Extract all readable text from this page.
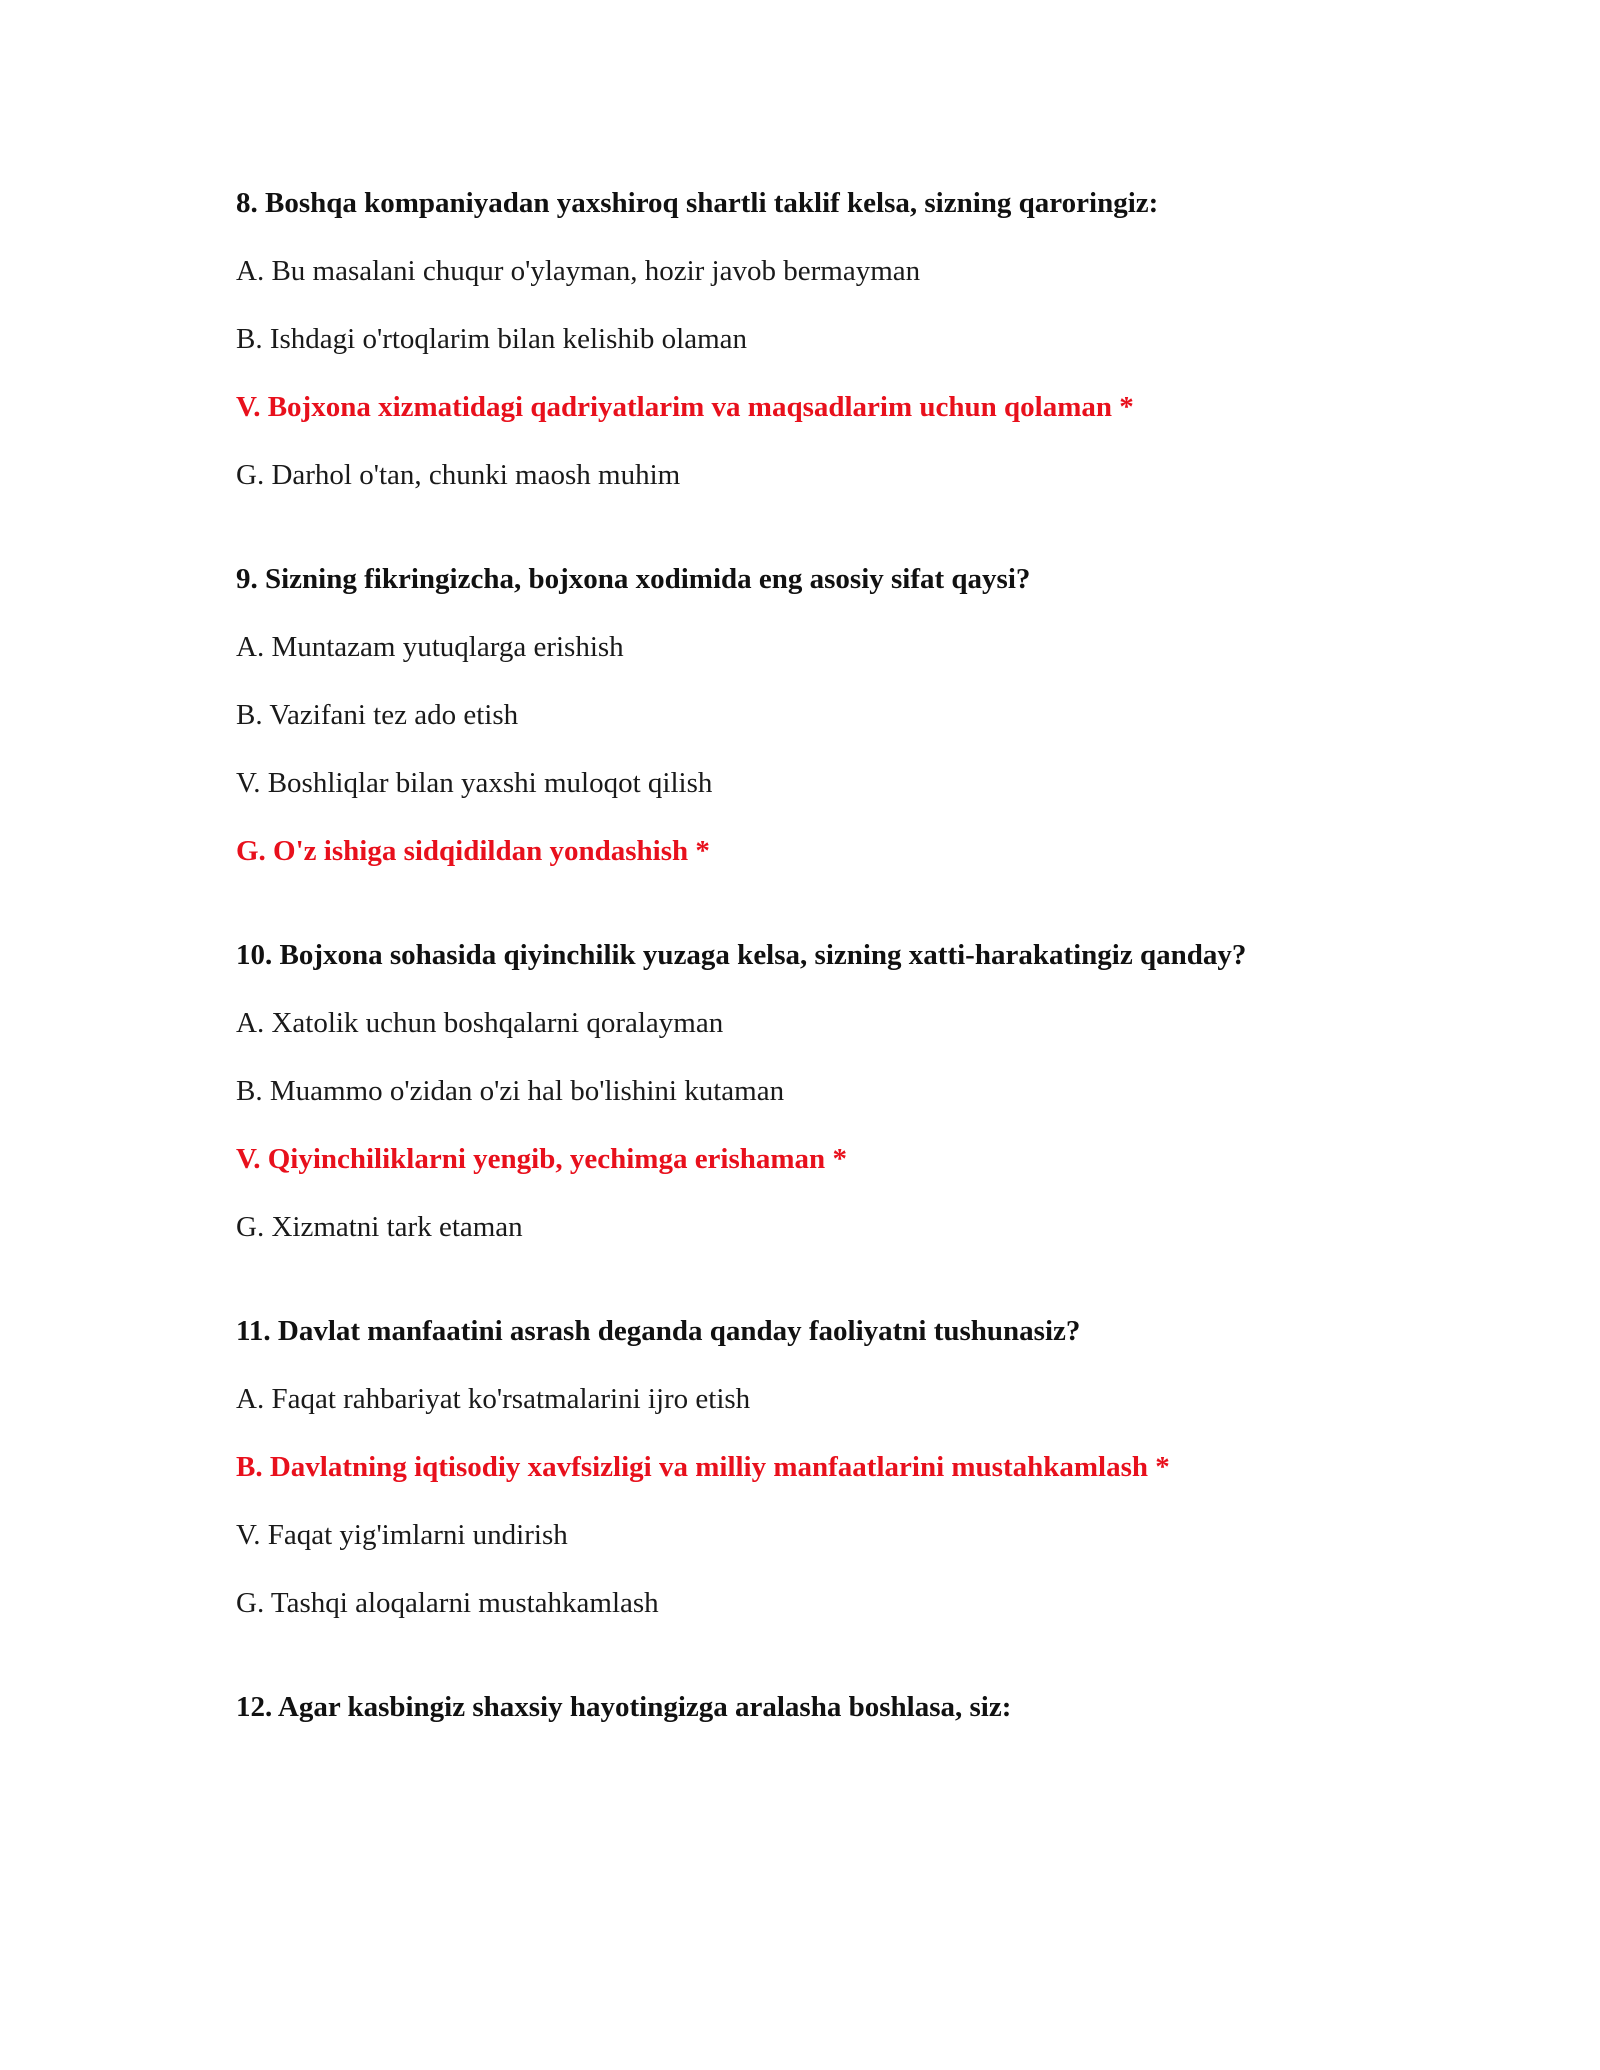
8. Boshqa kompaniyadan yaxshiroq shartli taklif kelsa, sizning qaroringiz:
A. Bu masalani chuqur o'ylayman, hozir javob bermayman
B. Ishdagi o'rtoqlarim bilan kelishib olaman
V. Bojxona xizmatidagi qadriyatlarim va maqsadlarim uchun qolaman *
G. Darhol o'tan, chunki maosh muhim
9. Sizning fikringizcha, bojxona xodimida eng asosiy sifat qaysi?
A. Muntazam yutuqlarga erishish
B. Vazifani tez ado etish
V. Boshliqlar bilan yaxshi muloqot qilish
G. O'z ishiga sidqidildan yondashish *
10. Bojxona sohasida qiyinchilik yuzaga kelsa, sizning xatti-harakatingiz qanday?
A. Xatolik uchun boshqalarni qoralayman
B. Muammo o'zidan o'zi hal bo'lishini kutaman
V. Qiyinchiliklarni yengib, yechimga erishaman *
G. Xizmatni tark etaman
11. Davlat manfaatini asrash deganda qanday faoliyatni tushunasiz?
A. Faqat rahbariyat ko'rsatmalarini ijro etish
B. Davlatning iqtisodiy xavfsizligi va milliy manfaatlarini mustahkamlash *
V. Faqat yig'imlarni undirish
G. Tashqi aloqalarni mustahkamlash
12. Agar kasbingiz shaxsiy hayotingizga aralasha boshlasa, siz:
